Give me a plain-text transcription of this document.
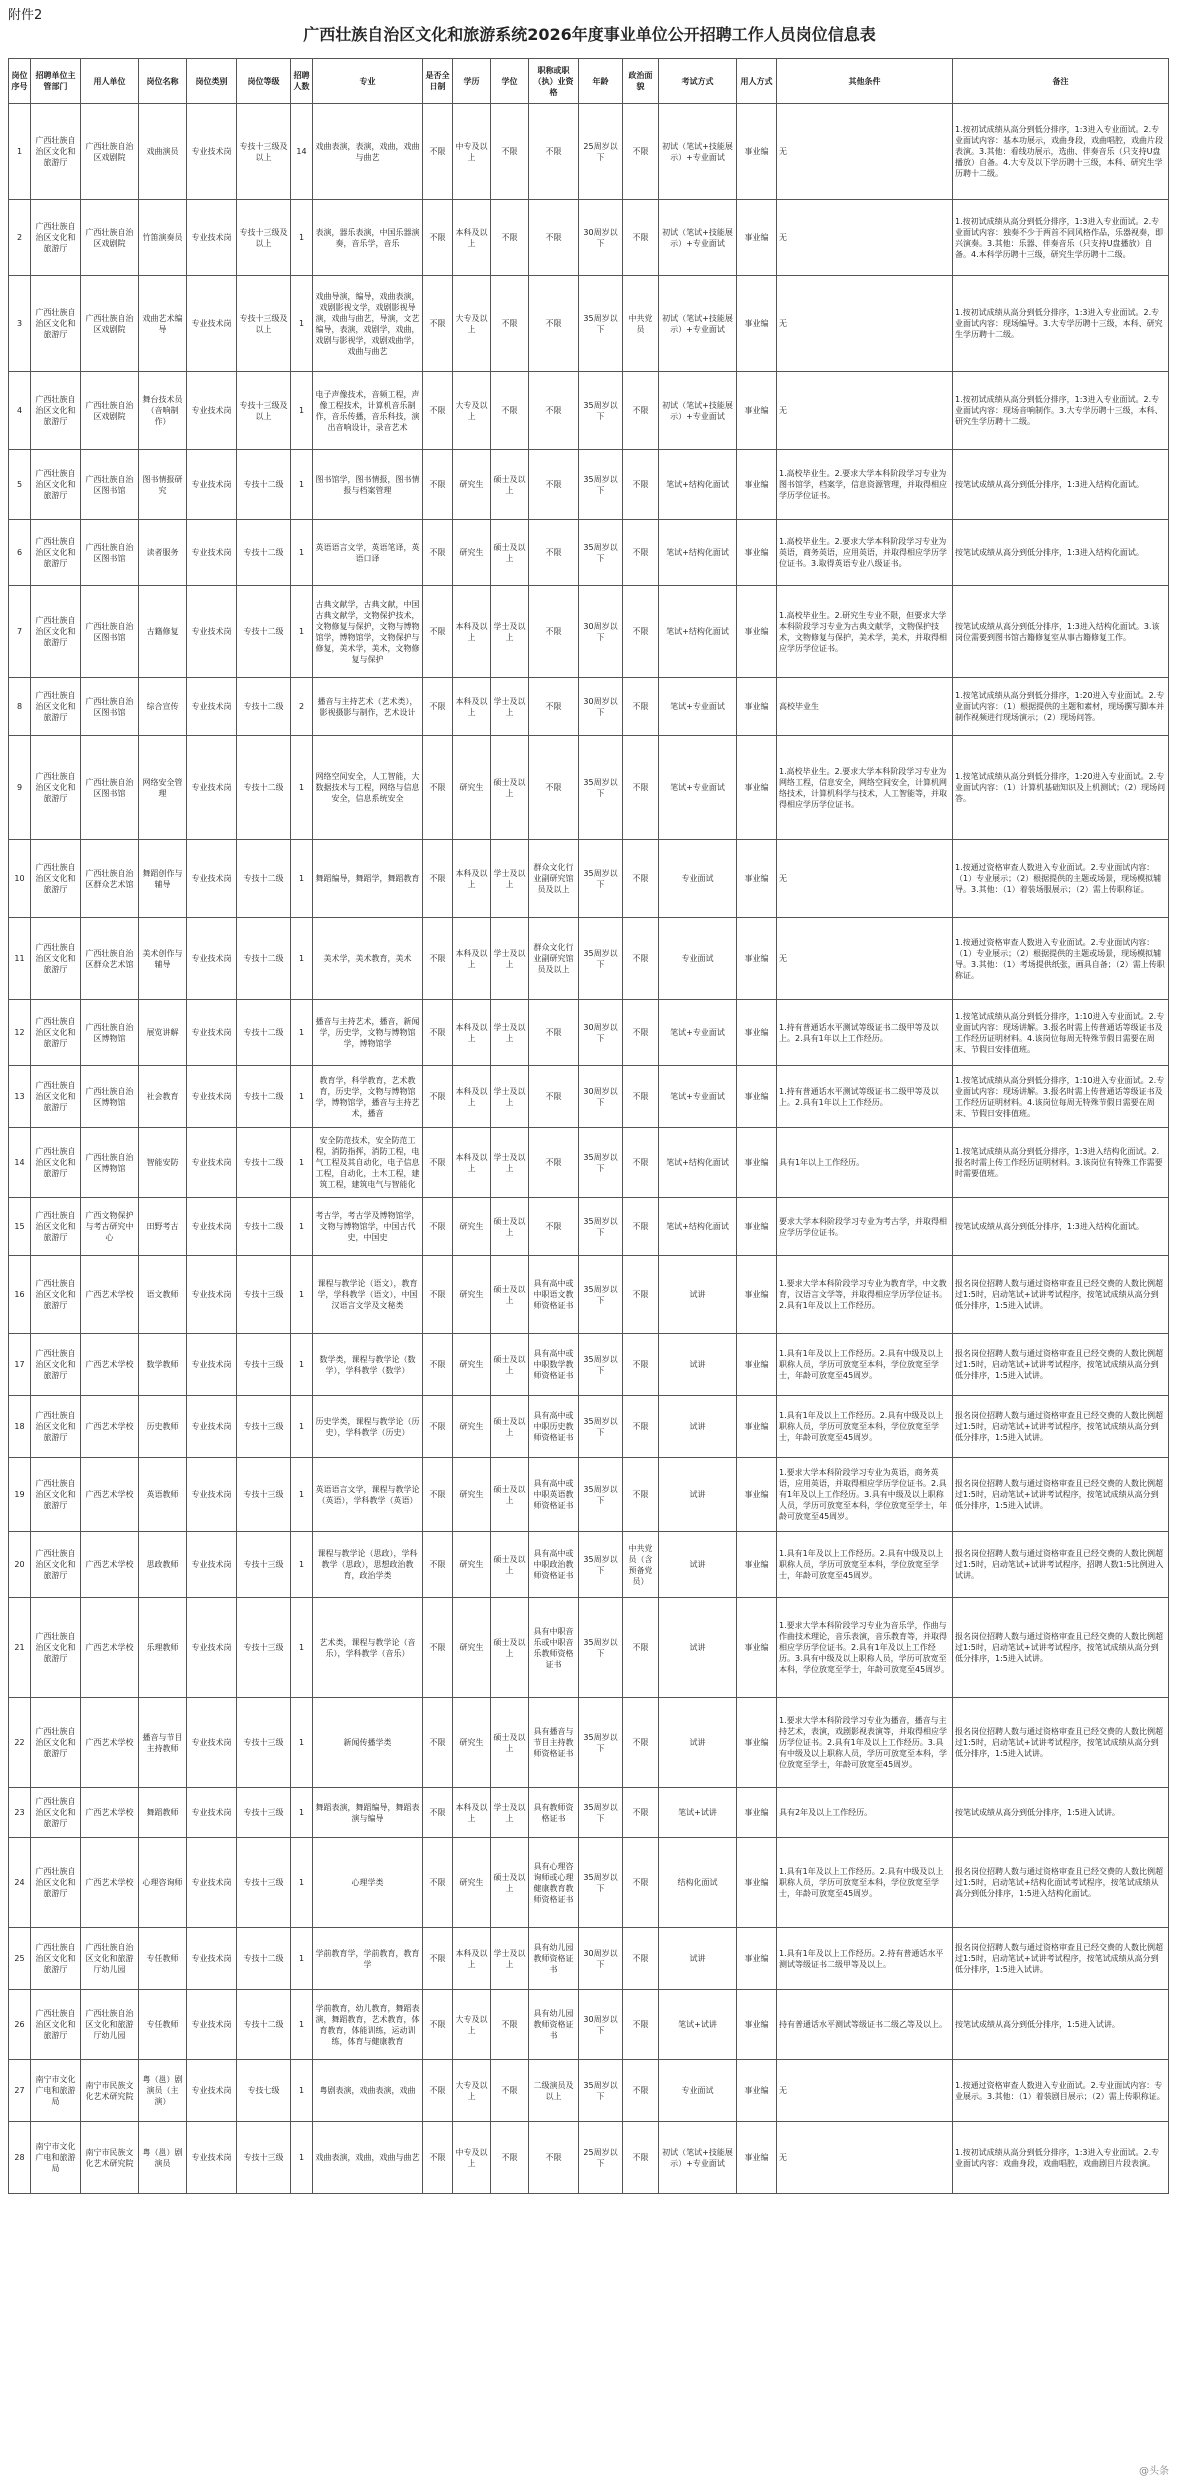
附件2
广西壮族自治区文化和旅游系统2026年度事业单位公开招聘工作人员岗位信息表
岗位序号	招聘单位主管部门	用人单位	岗位名称	岗位类别	岗位等级	招聘人数	专业	是否全日制	学历	学位	职称或职（执）业资格	年龄	政治面貌	考试方式	用人方式	其他条件	备注
1	广西壮族自治区文化和旅游厅	广西壮族自治区戏剧院	戏曲演员	专业技术岗	专技十三级及以上	14	戏曲表演，表演，戏曲，戏曲与曲艺	不限	中专及以上	不限	不限	25周岁以下	不限	初试（笔试+技能展示）+专业面试	事业编	无	1.按初试成绩从高分到低分排序，1:3进入专业面试。2.专业面试内容：基本功展示，戏曲身段，戏曲唱腔，戏曲片段表演。3.其他：看线功展示，选曲、伴奏音乐（只支持U盘播放）自备。4.大专及以下学历聘十三级，本科、研究生学历聘十二级。
2	广西壮族自治区文化和旅游厅	广西壮族自治区戏剧院	竹笛演奏员	专业技术岗	专技十三级及以上	1	表演，器乐表演，中国乐器演奏，音乐学，音乐	不限	本科及以上	不限	不限	30周岁以下	不限	初试（笔试+技能展示）+专业面试	事业编	无	1.按初试成绩从高分到低分排序，1:3进入专业面试。2.专业面试内容：独奏不少于两首不同风格作品，乐器视奏，即兴演奏。3.其他：乐器、伴奏音乐（只支持U盘播放）自备。4.本科学历聘十三级，研究生学历聘十二级。
3	广西壮族自治区文化和旅游厅	广西壮族自治区戏剧院	戏曲艺术编导	专业技术岗	专技十三级及以上	1	戏曲导演，编导，戏曲表演，戏剧影视文学，戏剧影视导演，戏曲与曲艺，导演，文艺编导，表演，戏剧学，戏曲，戏剧与影视学，戏剧戏曲学，戏曲与曲艺	不限	大专及以上	不限	不限	35周岁以下	中共党员	初试（笔试+技能展示）+专业面试	事业编	无	1.按初试成绩从高分到低分排序，1:3进入专业面试。2.专业面试内容：现场编导。3.大专学历聘十三级，本科、研究生学历聘十二级。
4	广西壮族自治区文化和旅游厅	广西壮族自治区戏剧院	舞台技术员（音响制作）	专业技术岗	专技十三级及以上	1	电子声像技术，音频工程，声像工程技术，计算机音乐制作，音乐传播，音乐科技，演出音响设计，录音艺术	不限	大专及以上	不限	不限	35周岁以下	不限	初试（笔试+技能展示）+专业面试	事业编	无	1.按初试成绩从高分到低分排序，1:3进入专业面试。2.专业面试内容：现场音响制作。3.大专学历聘十三级，本科、研究生学历聘十二级。
5	广西壮族自治区文化和旅游厅	广西壮族自治区图书馆	图书情报研究	专业技术岗	专技十二级	1	图书馆学，图书情报，图书情报与档案管理	不限	研究生	硕士及以上	不限	35周岁以下	不限	笔试+结构化面试	事业编	1.高校毕业生。2.要求大学本科阶段学习专业为图书馆学，档案学，信息资源管理，并取得相应学历学位证书。	按笔试成绩从高分到低分排序，1:3进入结构化面试。
6	广西壮族自治区文化和旅游厅	广西壮族自治区图书馆	读者服务	专业技术岗	专技十二级	1	英语语言文学，英语笔译，英语口译	不限	研究生	硕士及以上	不限	35周岁以下	不限	笔试+结构化面试	事业编	1.高校毕业生。2.要求大学本科阶段学习专业为英语，商务英语，应用英语，并取得相应学历学位证书。3.取得英语专业八级证书。	按笔试成绩从高分到低分排序，1:3进入结构化面试。
7	广西壮族自治区文化和旅游厅	广西壮族自治区图书馆	古籍修复	专业技术岗	专技十二级	1	古典文献学，古典文献，中国古典文献学，文物保护技术，文物修复与保护，文物与博物馆学，博物馆学，文物保护与修复，美术学，美术，文物修复与保护	不限	本科及以上	学士及以上	不限	30周岁以下	不限	笔试+结构化面试	事业编	1.高校毕业生。2.研究生专业不限，但要求大学本科阶段学习专业为古典文献学，文物保护技术，文物修复与保护，美术学，美术，并取得相应学历学位证书。	按笔试成绩从高分到低分排序，1:3进入结构化面试。3.该岗位需要到图书馆古籍修复室从事古籍修复工作。
8	广西壮族自治区文化和旅游厅	广西壮族自治区图书馆	综合宣传	专业技术岗	专技十二级	2	播音与主持艺术（艺术类），影视摄影与制作，艺术设计	不限	本科及以上	学士及以上	不限	30周岁以下	不限	笔试+专业面试	事业编	高校毕业生	1.按笔试成绩从高分到低分排序，1:20进入专业面试。2.专业面试内容：（1）根据提供的主题和素材，现场撰写脚本并制作视频进行现场演示；（2）现场问答。
9	广西壮族自治区文化和旅游厅	广西壮族自治区图书馆	网络安全管理	专业技术岗	专技十二级	1	网络空间安全，人工智能，大数据技术与工程，网络与信息安全，信息系统安全	不限	研究生	硕士及以上	不限	35周岁以下	不限	笔试+专业面试	事业编	1.高校毕业生。2.要求大学本科阶段学习专业为网络工程，信息安全，网络空间安全，计算机网络技术，计算机科学与技术，人工智能等，并取得相应学历学位证书。	1.按笔试成绩从高分到低分排序，1:20进入专业面试。2.专业面试内容：（1）计算机基础知识及上机测试；（2）现场问答。
10	广西壮族自治区文化和旅游厅	广西壮族自治区群众艺术馆	舞蹈创作与辅导	专业技术岗	专技十二级	1	舞蹈编导，舞蹈学，舞蹈教育	不限	本科及以上	学士及以上	群众文化行业副研究馆员及以上	35周岁以下	不限	专业面试	事业编	无	1.按通过资格审查人数进入专业面试。2.专业面试内容：（1）专业展示；（2）根据提供的主题或场景，现场模拟辅导。3.其他：（1）着装场服展示；（2）需上传职称证。
11	广西壮族自治区文化和旅游厅	广西壮族自治区群众艺术馆	美术创作与辅导	专业技术岗	专技十二级	1	美术学，美术教育，美术	不限	本科及以上	学士及以上	群众文化行业副研究馆员及以上	35周岁以下	不限	专业面试	事业编	无	1.按通过资格审查人数进入专业面试。2.专业面试内容：（1）专业展示；（2）根据提供的主题或场景，现场模拟辅导。3.其他：（1）考场提供纸张，画具自备；（2）需上传职称证。
12	广西壮族自治区文化和旅游厅	广西壮族自治区博物馆	展览讲解	专业技术岗	专技十二级	1	播音与主持艺术，播音，新闻学，历史学，文物与博物馆学，博物馆学	不限	本科及以上	学士及以上	不限	30周岁以下	不限	笔试+专业面试	事业编	1.持有普通话水平测试等级证书二级甲等及以上。2.具有1年以上工作经历。	1.按笔试成绩从高分到低分排序，1:10进入专业面试。2.专业面试内容：现场讲解。3.报名时需上传普通话等级证书及工作经历证明材料。4.该岗位每周无特殊节假日需要在周末、节假日安排值班。
13	广西壮族自治区文化和旅游厅	广西壮族自治区博物馆	社会教育	专业技术岗	专技十二级	1	教育学，科学教育，艺术教育，历史学，文物与博物馆学，博物馆学，播音与主持艺术，播音	不限	本科及以上	学士及以上	不限	30周岁以下	不限	笔试+专业面试	事业编	1.持有普通话水平测试等级证书二级甲等及以上。2.具有1年以上工作经历。	1.按笔试成绩从高分到低分排序，1:10进入专业面试。2.专业面试内容：现场讲解。3.报名时需上传普通话等级证书及工作经历证明材料。4.该岗位每周无特殊节假日需要在周末、节假日安排值班。
14	广西壮族自治区文化和旅游厅	广西壮族自治区博物馆	智能安防	专业技术岗	专技十二级	1	安全防范技术，安全防范工程，消防指挥，消防工程，电气工程及其自动化，电子信息工程，自动化，土木工程，建筑工程，建筑电气与智能化	不限	本科及以上	学士及以上	不限	35周岁以下	不限	笔试+结构化面试	事业编	具有1年以上工作经历。	1.按笔试成绩从高分到低分排序，1:3进入结构化面试。2.报名时需上传工作经历证明材料。3.该岗位有特殊工作需要时需要值班。
15	广西壮族自治区文化和旅游厅	广西文物保护与考古研究中心	田野考古	专业技术岗	专技十二级	1	考古学，考古学及博物馆学，文物与博物馆学，中国古代史，中国史	不限	研究生	硕士及以上	不限	35周岁以下	不限	笔试+结构化面试	事业编	要求大学本科阶段学习专业为考古学，并取得相应学历学位证书。	按笔试成绩从高分到低分排序，1:3进入结构化面试。
16	广西壮族自治区文化和旅游厅	广西艺术学校	语文教师	专业技术岗	专技十三级	1	课程与教学论（语文），教育学，学科教学（语文），中国汉语言文学及文秘类	不限	研究生	硕士及以上	具有高中或中职语文教师资格证书	35周岁以下	不限	试讲	事业编	1.要求大学本科阶段学习专业为教育学，中文教育，汉语言文学等，并取得相应学历学位证书。2.具有1年及以上工作经历。	报名岗位招聘人数与通过资格审查且已经交费的人数比例超过1:5时，启动笔试+试讲考试程序，按笔试成绩从高分到低分排序，1:5进入试讲。
17	广西壮族自治区文化和旅游厅	广西艺术学校	数学教师	专业技术岗	专技十三级	1	数学类，课程与教学论（数学），学科教学（数学）	不限	研究生	硕士及以上	具有高中或中职数学教师资格证书	35周岁以下	不限	试讲	事业编	1.具有1年及以上工作经历。2.具有中级及以上职称人员，学历可放宽至本科，学位放宽至学士，年龄可放宽至45周岁。	报名岗位招聘人数与通过资格审查且已经交费的人数比例超过1:5时，启动笔试+试讲考试程序，按笔试成绩从高分到低分排序，1:5进入试讲。
18	广西壮族自治区文化和旅游厅	广西艺术学校	历史教师	专业技术岗	专技十三级	1	历史学类，课程与教学论（历史），学科教学（历史）	不限	研究生	硕士及以上	具有高中或中职历史教师资格证书	35周岁以下	不限	试讲	事业编	1.具有1年及以上工作经历。2.具有中级及以上职称人员，学历可放宽至本科，学位放宽至学士，年龄可放宽至45周岁。	报名岗位招聘人数与通过资格审查且已经交费的人数比例超过1:5时，启动笔试+试讲考试程序，按笔试成绩从高分到低分排序，1:5进入试讲。
19	广西壮族自治区文化和旅游厅	广西艺术学校	英语教师	专业技术岗	专技十三级	1	英语语言文学，课程与教学论（英语），学科教学（英语）	不限	研究生	硕士及以上	具有高中或中职英语教师资格证书	35周岁以下	不限	试讲	事业编	1.要求大学本科阶段学习专业为英语，商务英语，应用英语，并取得相应学历学位证书。2.具有1年及以上工作经历。3.具有中级及以上职称人员，学历可放宽至本科，学位放宽至学士，年龄可放宽至45周岁。	报名岗位招聘人数与通过资格审查且已经交费的人数比例超过1:5时，启动笔试+试讲考试程序，按笔试成绩从高分到低分排序，1:5进入试讲。
20	广西壮族自治区文化和旅游厅	广西艺术学校	思政教师	专业技术岗	专技十三级	1	课程与教学论（思政），学科教学（思政），思想政治教育，政治学类	不限	研究生	硕士及以上	具有高中或中职政治教师资格证书	35周岁以下	中共党员（含预备党员）	试讲	事业编	1.具有1年及以上工作经历。2.具有中级及以上职称人员，学历可放宽至本科，学位放宽至学士，年龄可放宽至45周岁。	报名岗位招聘人数与通过资格审查且已经交费的人数比例超过1:5时，启动笔试+试讲考试程序，招聘人数1:5比例进入试讲。
21	广西壮族自治区文化和旅游厅	广西艺术学校	乐理教师	专业技术岗	专技十三级	1	艺术类，课程与教学论（音乐），学科教学（音乐）	不限	研究生	硕士及以上	具有中职音乐或中职音乐教师资格证书	35周岁以下	不限	试讲	事业编	1.要求大学本科阶段学习专业为音乐学，作曲与作曲技术理论，音乐表演，音乐教育等，并取得相应学历学位证书。2.具有1年及以上工作经历。3.具有中级及以上职称人员，学历可放宽至本科，学位放宽至学士，年龄可放宽至45周岁。	报名岗位招聘人数与通过资格审查且已经交费的人数比例超过1:5时，启动笔试+试讲考试程序，按笔试成绩从高分到低分排序，1:5进入试讲。
22	广西壮族自治区文化和旅游厅	广西艺术学校	播音与节目主持教师	专业技术岗	专技十三级	1	新闻传播学类	不限	研究生	硕士及以上	具有播音与节目主持教师资格证书	35周岁以下	不限	试讲	事业编	1.要求大学本科阶段学习专业为播音，播音与主持艺术，表演，戏剧影视表演等，并取得相应学历学位证书。2.具有1年及以上工作经历。3.具有中级及以上职称人员，学历可放宽至本科，学位放宽至学士，年龄可放宽至45周岁。	报名岗位招聘人数与通过资格审查且已经交费的人数比例超过1:5时，启动笔试+试讲考试程序，按笔试成绩从高分到低分排序，1:5进入试讲。
23	广西壮族自治区文化和旅游厅	广西艺术学校	舞蹈教师	专业技术岗	专技十三级	1	舞蹈表演，舞蹈编导，舞蹈表演与编导	不限	本科及以上	学士及以上	具有教师资格证书	35周岁以下	不限	笔试+试讲	事业编	具有2年及以上工作经历。	按笔试成绩从高分到低分排序，1:5进入试讲。
24	广西壮族自治区文化和旅游厅	广西艺术学校	心理咨询师	专业技术岗	专技十三级	1	心理学类	不限	研究生	硕士及以上	具有心理咨询师或心理健康教育教师资格证书	35周岁以下	不限	结构化面试	事业编	1.具有1年及以上工作经历。2.具有中级及以上职称人员，学历可放宽至本科，学位放宽至学士，年龄可放宽至45周岁。	报名岗位招聘人数与通过资格审查且已经交费的人数比例超过1:5时，启动笔试+结构化面试考试程序，按笔试成绩从高分到低分排序，1:5进入结构化面试。
25	广西壮族自治区文化和旅游厅	广西壮族自治区文化和旅游厅幼儿园	专任教师	专业技术岗	专技十二级	1	学前教育学，学前教育，教育学	不限	本科及以上	学士及以上	具有幼儿园教师资格证书	30周岁以下	不限	试讲	事业编	1.具有1年及以上工作经历。2.持有普通话水平测试等级证书二级甲等及以上。	报名岗位招聘人数与通过资格审查且已经交费的人数比例超过1:5时，启动笔试+试讲考试程序，按笔试成绩从高分到低分排序，1:5进入试讲。
26	广西壮族自治区文化和旅游厅	广西壮族自治区文化和旅游厅幼儿园	专任教师	专业技术岗	专技十二级	1	学前教育，幼儿教育，舞蹈表演，舞蹈教育，艺术教育，体育教育，体能训练，运动训练，体育与健康教育	不限	大专及以上	不限	具有幼儿园教师资格证书	30周岁以下	不限	笔试+试讲	事业编	持有普通话水平测试等级证书二级乙等及以上。	按笔试成绩从高分到低分排序，1:5进入试讲。
27	南宁市文化广电和旅游局	南宁市民族文化艺术研究院	粤（邕）剧演员（主演）	专业技术岗	专技七级	1	粤剧表演，戏曲表演，戏曲	不限	大专及以上	不限	二级演员及以上	35周岁以下	不限	专业面试	事业编	无	1.按通过资格审查人数进入专业面试。2.专业面试内容：专业展示。3.其他：（1）着装剧目展示；（2）需上传职称证。
28	南宁市文化广电和旅游局	南宁市民族文化艺术研究院	粤（邕）剧演员	专业技术岗	专技十三级	1	戏曲表演，戏曲，戏曲与曲艺	不限	中专及以上	不限	不限	25周岁以下	不限	初试（笔试+技能展示）+专业面试	事业编	无	1.按初试成绩从高分到低分排序，1:3进入专业面试。2.专业面试内容：戏曲身段，戏曲唱腔，戏曲剧目片段表演。
@头条
